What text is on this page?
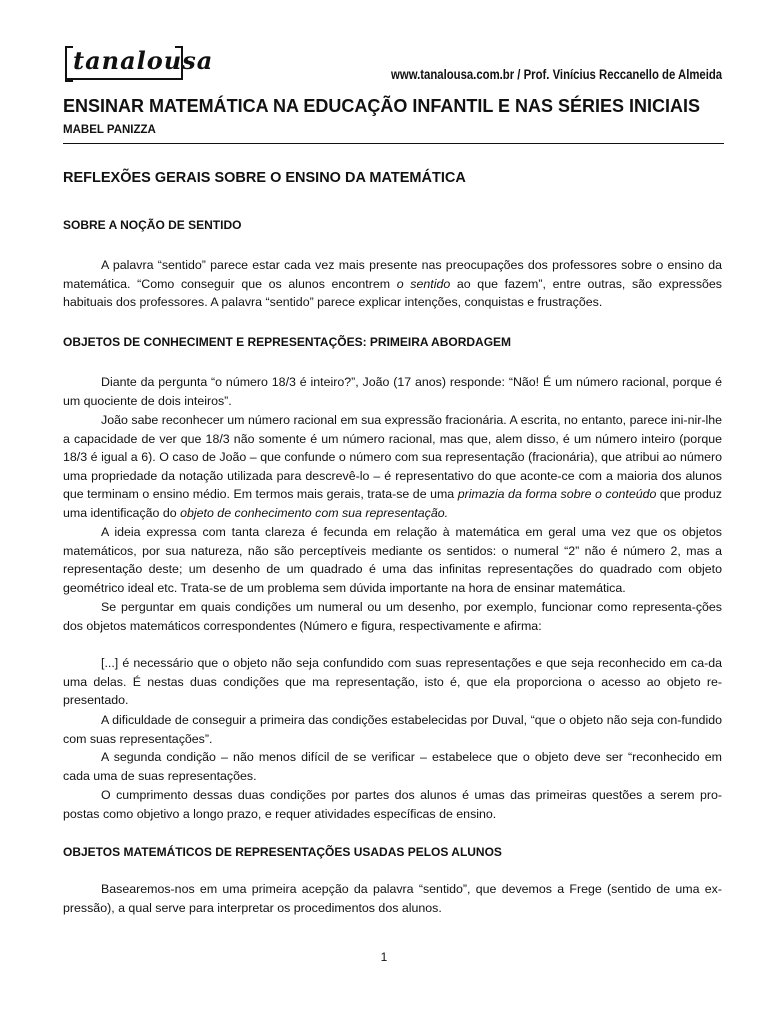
tanalousa	www.tanalousa.com.br / Prof. Vinícius Reccanello de Almeida
ENSINAR MATEMÁTICA NA EDUCAÇÃO INFANTIL E NAS SÉRIES INICIAIS
MABEL PANIZZA
REFLEXÕES GERAIS SOBRE O ENSINO DA MATEMÁTICA
SOBRE A NOÇÃO DE SENTIDO

A palavra “sentido” parece estar cada vez mais presente nas preocupações dos professores sobre o ensino da matemática. “Como conseguir que os alunos encontrem o sentido ao que fazem”, entre outras, são expressões habituais dos professores. A palavra “sentido” parece explicar intenções, conquistas e frustrações.

OBJETOS DE CONHECIMENT E REPRESENTAÇÕES: PRIMEIRA ABORDAGEM

Diante da pergunta “o número 18/3 é inteiro?”, João (17 anos) responde: “Não! É um número racional, porque é um quociente de dois inteiros”.

João sabe reconhecer um número racional em sua expressão fracionária. A escrita, no entanto, parece ini-nir-lhe a capacidade de ver que 18/3 não somente é um número racional, mas que, alem disso, é um número inteiro (porque 18/3 é igual a 6). O caso de João – que confunde o número com sua representação (fracionária), que atribui ao número uma propriedade da notação utilizada para descrevê-lo – é representativo do que aconte-ce com a maioria dos alunos que terminam o ensino médio. Em termos mais gerais, trata-se de uma primazia da forma sobre o conteúdo que produz uma identificação do objeto de conhecimento com sua representação.

A ideia expressa com tanta clareza é fecunda em relação à matemática em geral uma vez que os objetos matemáticos, por sua natureza, não são perceptíveis mediante os sentidos: o numeral “2” não é número 2, mas a representação deste; um desenho de um quadrado é uma das infinitas representações do quadrado com objeto geométrico ideal etc. Trata-se de um problema sem dúvida importante na hora de ensinar matemática.

Se perguntar em quais condições um numeral ou um desenho, por exemplo, funcionar como representa-ções dos objetos matemáticos correspondentes (Número e figura, respectivamente e afirma:

[...] é necessário que o objeto não seja confundido com suas representações e que seja reconhecido em ca-da uma delas. É nestas duas condições que ma representação, isto é, que ela proporciona o acesso ao objeto re-presentado.

A dificuldade de conseguir a primeira das condições estabelecidas por Duval, “que o objeto não seja con-fundido com suas representações”.

A segunda condição – não menos difícil de se verificar – estabelece que o objeto deve ser “reconhecido em cada uma de suas representações.

O cumprimento dessas duas condições por partes dos alunos é umas das primeiras questões a serem pro-postas como objetivo a longo prazo, e requer atividades específicas de ensino.

OBJETOS MATEMÁTICOS DE REPRESENTAÇÕES USADAS PELOS ALUNOS

Basearemos-nos em uma primeira acepção da palavra “sentido”, que devemos a Frege (sentido de uma ex-pressão), a qual serve para interpretar os procedimentos dos alunos.

1
